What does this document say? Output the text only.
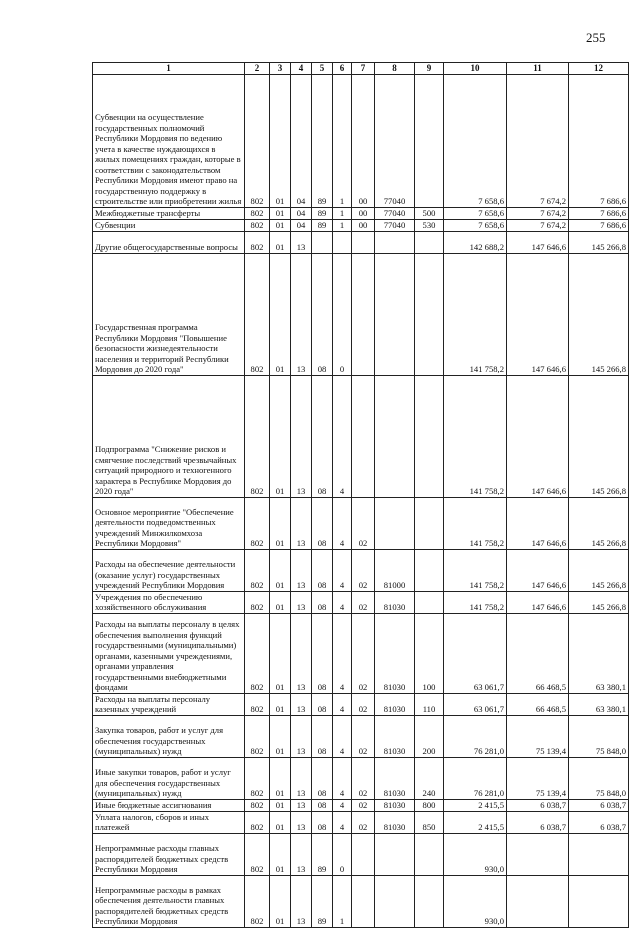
255
1	2	3	4	5	6	7	8	9	10	11	12
Субвенции на осуществление государственных полномочий Республики Мордовия по ведению учета в качестве нуждающихся в жилых помещениях граждан, которые в соответствии с законодательством Республики Мордовия имеют право на государственную поддержку в строительстве или приобретении жилья	802	01	04	89	1	00	77040		7 658,6	7 674,2	7 686,6
Межбюджетные трансферты	802	01	04	89	1	00	77040	500	7 658,6	7 674,2	7 686,6
Субвенции	802	01	04	89	1	00	77040	530	7 658,6	7 674,2	7 686,6
Другие общегосударственные вопросы	802	01	13						142 688,2	147 646,6	145 266,8
Государственная программа Республики Мордовия "Повышение безопасности жизнедеятельности населения и территорий Республики Мордовия до 2020 года"	802	01	13	08	0				141 758,2	147 646,6	145 266,8
Подпрограмма "Снижение рисков и смягчение последствий чрезвычайных ситуаций природного и техногенного характера в Республике Мордовия до 2020 года"	802	01	13	08	4				141 758,2	147 646,6	145 266,8
Основное мероприятие "Обеспечение деятельности подведомственных учреждений Минжилкомхоза Республики Мордовия"	802	01	13	08	4	02			141 758,2	147 646,6	145 266,8
Расходы на обеспечение деятельности (оказание услуг) государственных учреждений Республики Мордовия	802	01	13	08	4	02	81000		141 758,2	147 646,6	145 266,8
Учреждения по обеспечению хозяйственного обслуживания	802	01	13	08	4	02	81030		141 758,2	147 646,6	145 266,8
Расходы на выплаты персоналу в целях обеспечения выполнения функций государственными (муниципальными) органами, казенными учреждениями, органами управления государственными внебюджетными фондами	802	01	13	08	4	02	81030	100	63 061,7	66 468,5	63 380,1
Расходы на выплаты персоналу казенных учреждений	802	01	13	08	4	02	81030	110	63 061,7	66 468,5	63 380,1
Закупка товаров, работ и услуг для обеспечения государственных (муниципальных) нужд	802	01	13	08	4	02	81030	200	76 281,0	75 139,4	75 848,0
Иные закупки товаров, работ и услуг для обеспечения государственных (муниципальных) нужд	802	01	13	08	4	02	81030	240	76 281,0	75 139,4	75 848,0
Иные бюджетные ассигнования	802	01	13	08	4	02	81030	800	2 415,5	6 038,7	6 038,7
Уплата налогов, сборов и иных платежей	802	01	13	08	4	02	81030	850	2 415,5	6 038,7	6 038,7
Непрограммные расходы главных распорядителей бюджетных средств Республики Мордовия	802	01	13	89	0				930,0		
Непрограммные расходы в рамках обеспечения деятельности главных распорядителей бюджетных средств Республики Мордовия	802	01	13	89	1				930,0		
